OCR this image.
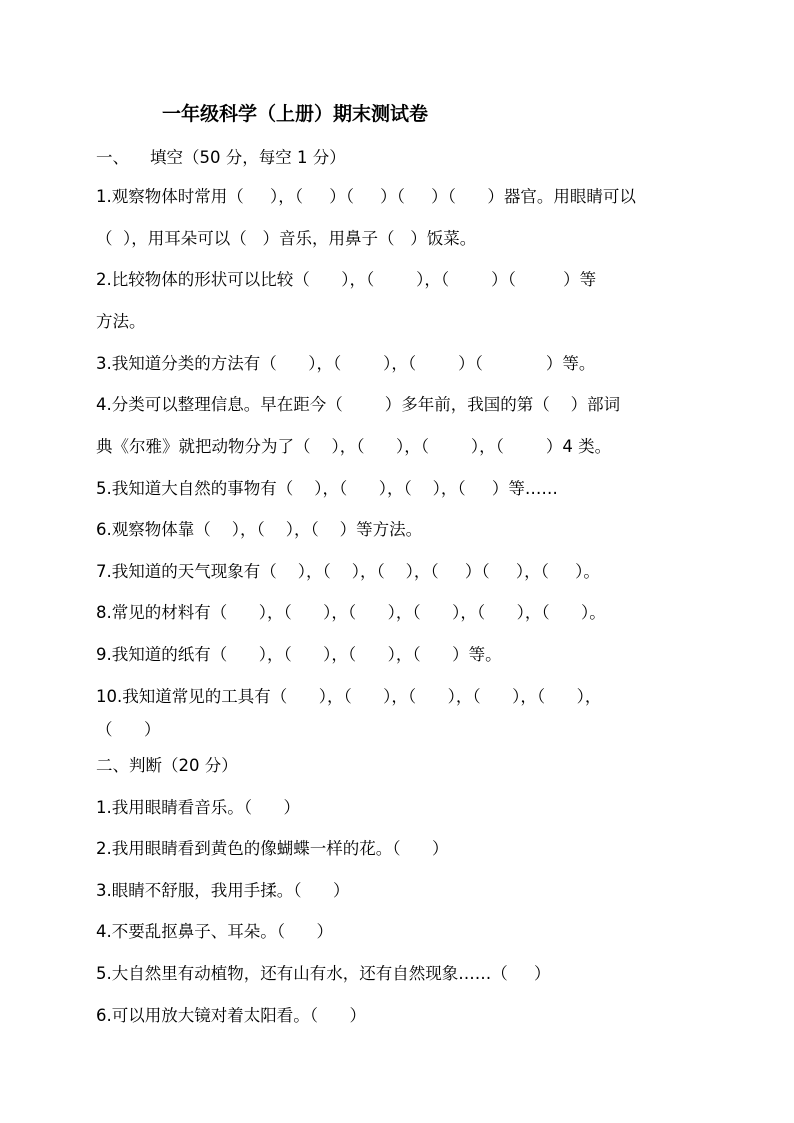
一年级科学（上册）期末测试卷
一、    填空（50 分，每空 1 分）
1.观察物体时常用（     ），（     ）（     ）（     ）（      ）器官。用眼睛可以
（  ），用耳朵可以（   ）音乐，用鼻子（   ）饭菜。
2.比较物体的形状可以比较（      ），（        ），（        ）（         ）等
方法。
3.我知道分类的方法有（      ），（        ），（        ）（            ）等。
4.分类可以整理信息。早在距今（        ）多年前，我国的第（    ）部词
典《尔雅》就把动物分为了（    ），（      ），（        ），（        ）4 类。
5.我知道大自然的事物有（    ），（      ），（    ），（     ）等……
6.观察物体靠（    ），（    ），（    ）等方法。
7.我知道的天气现象有（    ），（    ），（    ），（     ）（     ），（     ）。
8.常见的材料有（      ），（      ），（      ），（      ），（      ），（      ）。
9.我知道的纸有（      ），（      ），（      ），（      ）等。
10.我知道常见的工具有（      ），（      ），（      ），（      ），（      ），
（      ）
二、判断（20 分）
1.我用眼睛看音乐。（      ）
2.我用眼睛看到黄色的像蝴蝶一样的花。（      ）
3.眼睛不舒服，我用手揉。（      ）
4.不要乱抠鼻子、耳朵。（      ）
5.大自然里有动植物，还有山有水，还有自然现象……（     ）
6.可以用放大镜对着太阳看。（      ）
